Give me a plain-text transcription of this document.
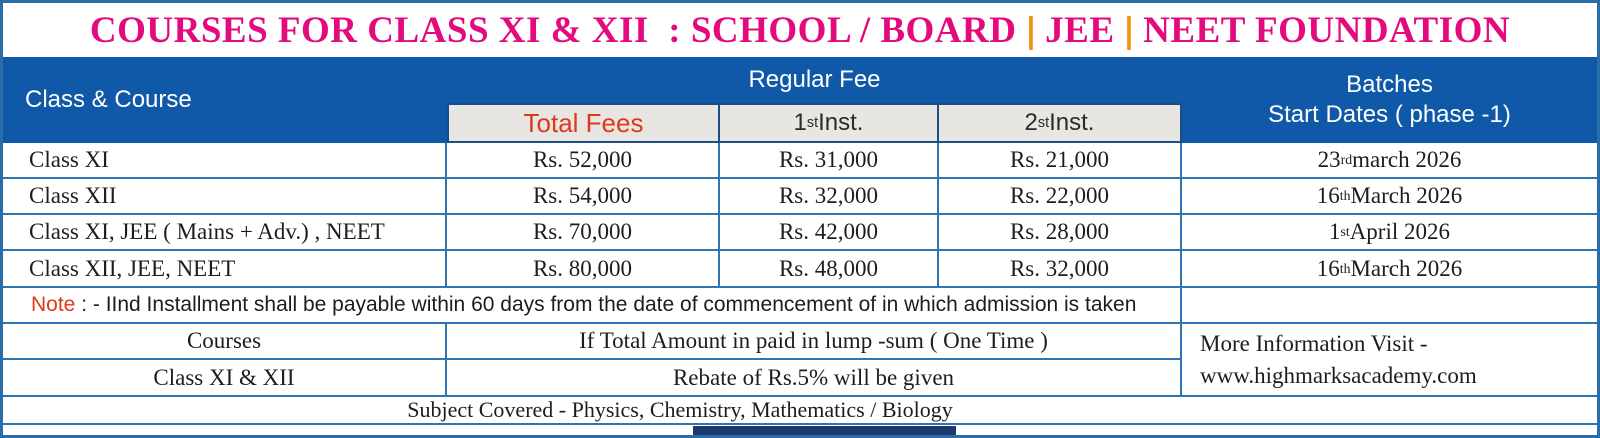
COURSES FOR CLASS XI & XII  : SCHOOL / BOARD | JEE | NEET FOUNDATION
Class & Course
Regular Fee
Total Fees	1 st Inst.	2 st Inst.
Batches
Start Dates ( phase -1)
Class XI	Rs. 52,000	Rs. 31,000	Rs. 21,000	23 rd march 2026
Class XII	Rs. 54,000	Rs. 32,000	Rs. 22,000	16 th March 2026
Class XI, JEE ( Mains + Adv.) , NEET	Rs. 70,000	Rs. 42,000	Rs. 28,000	1 st April 2026
Class XII, JEE, NEET	Rs. 80,000	Rs. 48,000	Rs. 32,000	16 th March 2026
Note : - IInd Installment shall be payable within 60 days from the date of commencement of in which admission is taken
Courses	If Total Amount in paid in lump -sum ( One Time )	More Information Visit -
www.highmarksacademy.com
Class XI & XII	Rebate of Rs.5% will be given
Subject Covered - Physics, Chemistry, Mathematics / Biology
